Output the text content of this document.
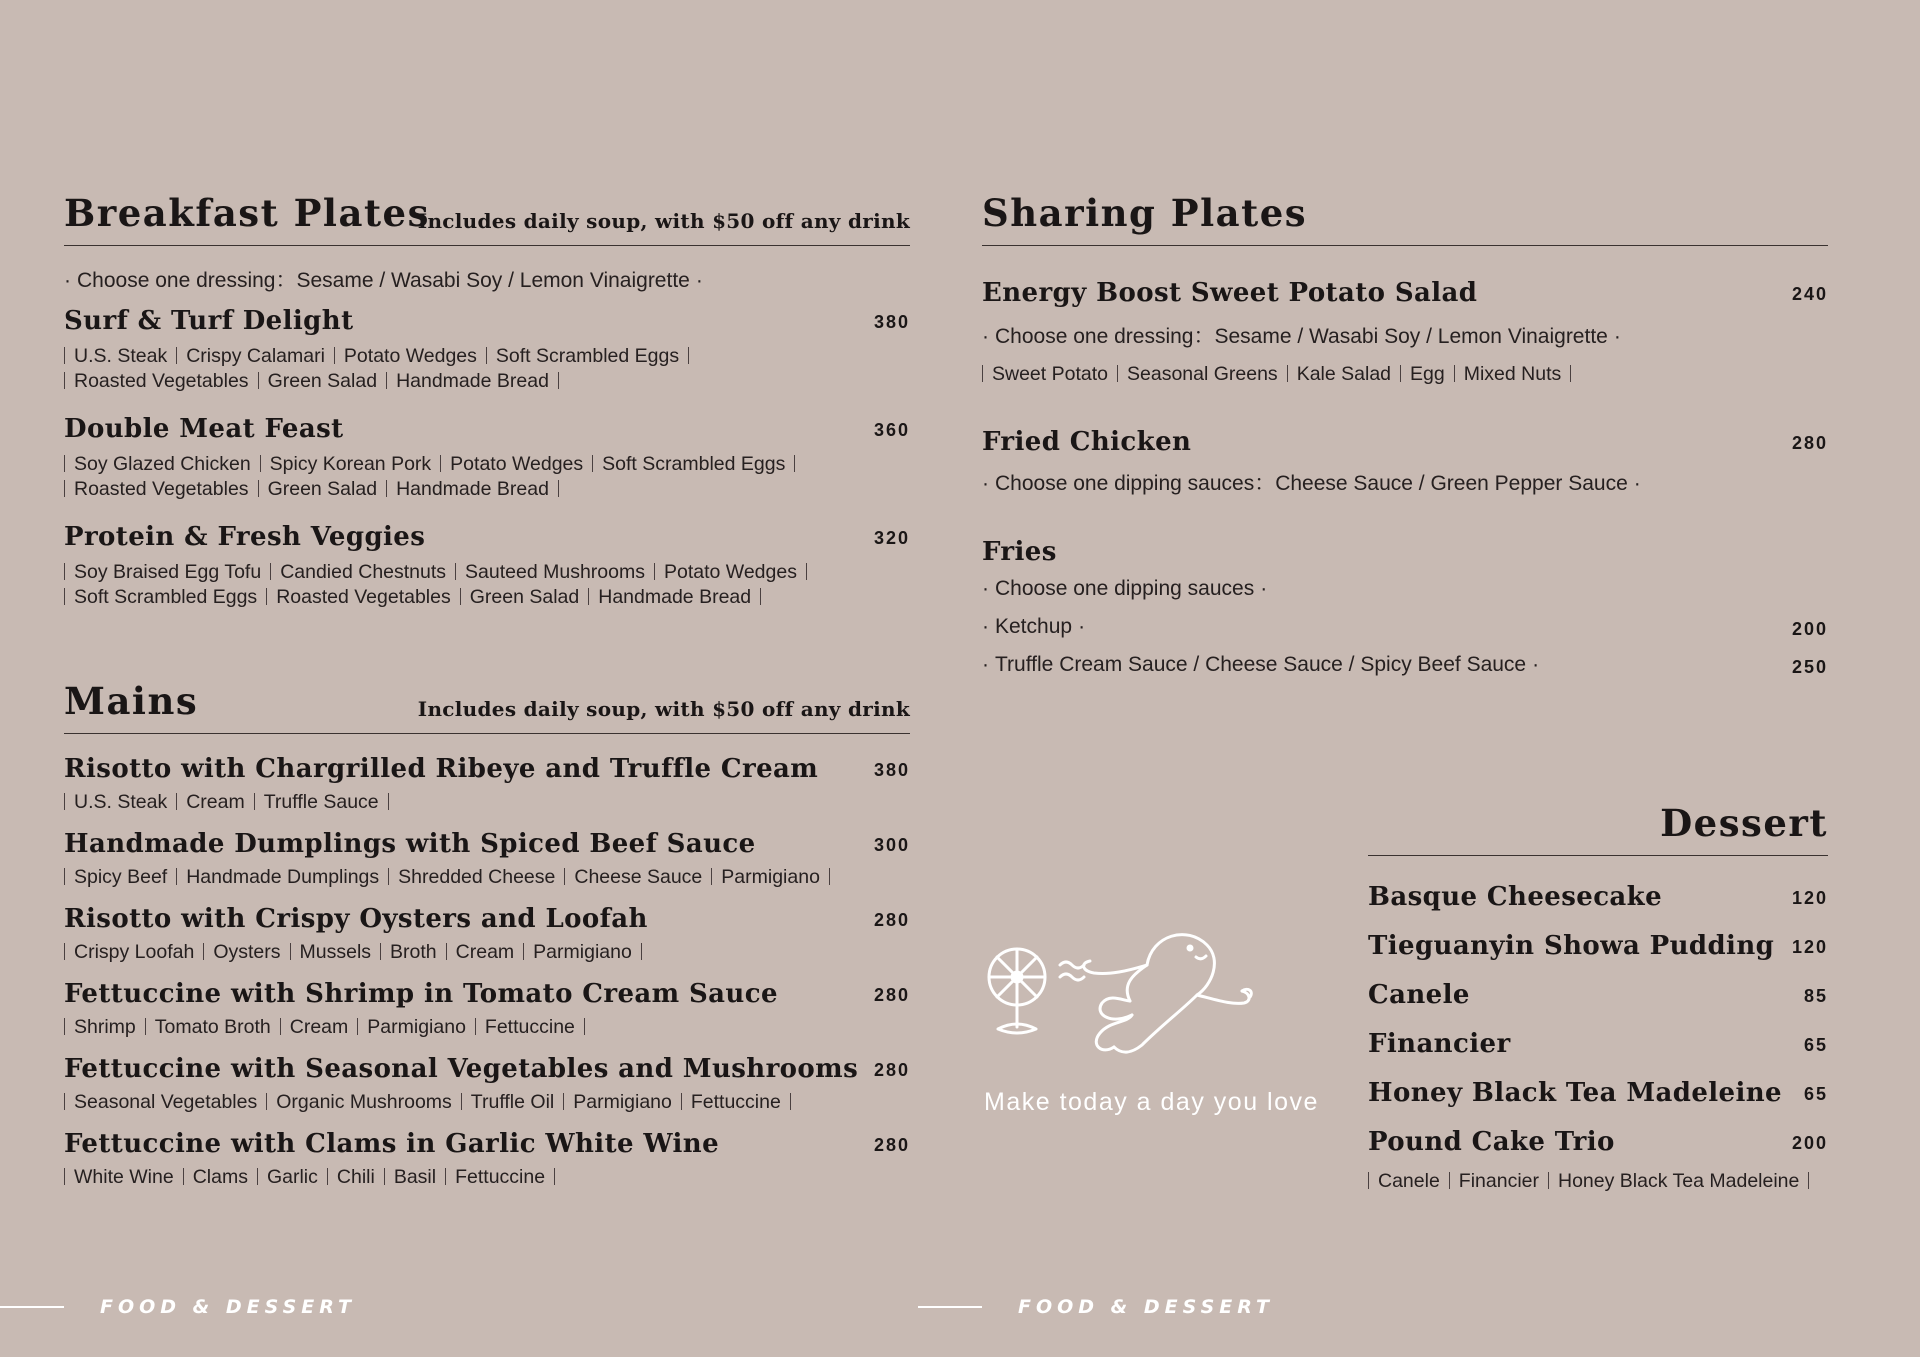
Breakfast Plates
Includes daily soup, with $50 off any drink
· Choose one dressing：Sesame / Wasabi Soy / Lemon Vinaigrette ·
Surf & Turf Delight	380
U.S. Steak Crispy Calamari Potato Wedges Soft Scrambled Eggs
Roasted Vegetables Green Salad Handmade Bread
Double Meat Feast	360
Soy Glazed Chicken Spicy Korean Pork Potato Wedges Soft Scrambled Eggs
Roasted Vegetables Green Salad Handmade Bread
Protein & Fresh Veggies	320
Soy Braised Egg Tofu Candied Chestnuts Sauteed Mushrooms Potato Wedges
Soft Scrambled Eggs Roasted Vegetables Green Salad Handmade Bread
Mains	Includes daily soup, with $50 off any drink
Risotto with Chargrilled Ribeye and Truffle Cream	380
U.S. Steak Cream Truffle Sauce
Handmade Dumplings with Spiced Beef Sauce	300
Spicy Beef Handmade Dumplings Shredded Cheese Cheese Sauce Parmigiano
Risotto with Crispy Oysters and Loofah	280
Crispy Loofah Oysters Mussels Broth Cream Parmigiano
Fettuccine with Shrimp in Tomato Cream Sauce	280
Shrimp Tomato Broth Cream Parmigiano Fettuccine
Fettuccine with Seasonal Vegetables and Mushrooms 280
Seasonal Vegetables Organic Mushrooms Truffle Oil Parmigiano Fettuccine
Fettuccine with Clams in Garlic White Wine	280
White Wine Clams Garlic Chili Basil Fettuccine
Sharing Plates
Energy Boost Sweet Potato Salad	240
· Choose one dressing：Sesame / Wasabi Soy / Lemon Vinaigrette ·
Sweet Potato Seasonal Greens Kale Salad Egg Mixed Nuts
Fried Chicken	280
· Choose one dipping sauces：Cheese Sauce / Green Pepper Sauce ·
Fries
· Choose one dipping sauces ·
· Ketchup ·	200
· Truffle Cream Sauce / Cheese Sauce / Spicy Beef Sauce ·	250
Make today a day you love
Dessert
Basque Cheesecake	120
Tieguanyin Showa Pudding 120
Canele	85
Financier	65
Honey Black Tea Madeleine	65
Pound Cake Trio	200
Canele Financier Honey Black Tea Madeleine
FOOD & DESSERT	FOOD & DESSERT
